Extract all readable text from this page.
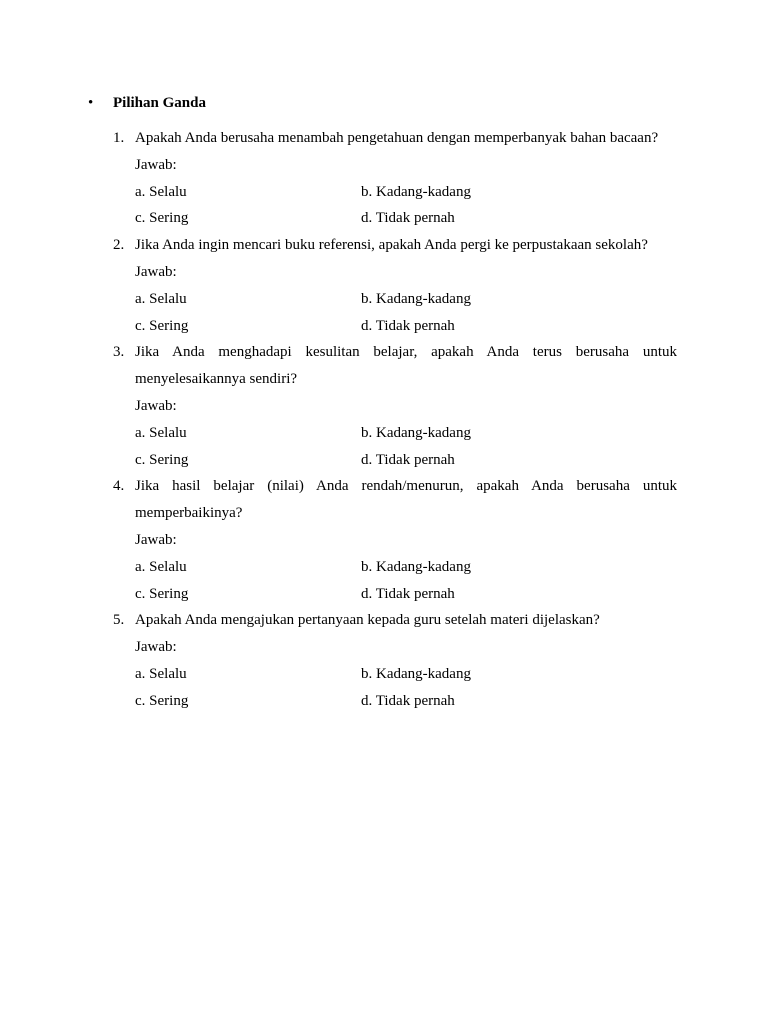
•	Pilihan Ganda
1. Apakah Anda berusaha menambah pengetahuan dengan memperbanyak bahan bacaan?
Jawab:
a. Selalu	b. Kadang-kadang
c. Sering	d. Tidak pernah
2. Jika Anda ingin mencari buku referensi, apakah Anda pergi ke perpustakaan sekolah?
Jawab:
a. Selalu	b. Kadang-kadang
c. Sering	d. Tidak pernah
3. Jika Anda menghadapi kesulitan belajar, apakah Anda terus berusaha untuk menyelesaikannya sendiri?
Jawab:
a. Selalu	b. Kadang-kadang
c. Sering	d. Tidak pernah
4. Jika hasil belajar (nilai) Anda rendah/menurun, apakah Anda berusaha untuk memperbaikinya?
Jawab:
a. Selalu	b. Kadang-kadang
c. Sering	d. Tidak pernah
5. Apakah Anda mengajukan pertanyaan kepada guru setelah materi dijelaskan?
Jawab:
a. Selalu	b. Kadang-kadang
c. Sering	d. Tidak pernah
